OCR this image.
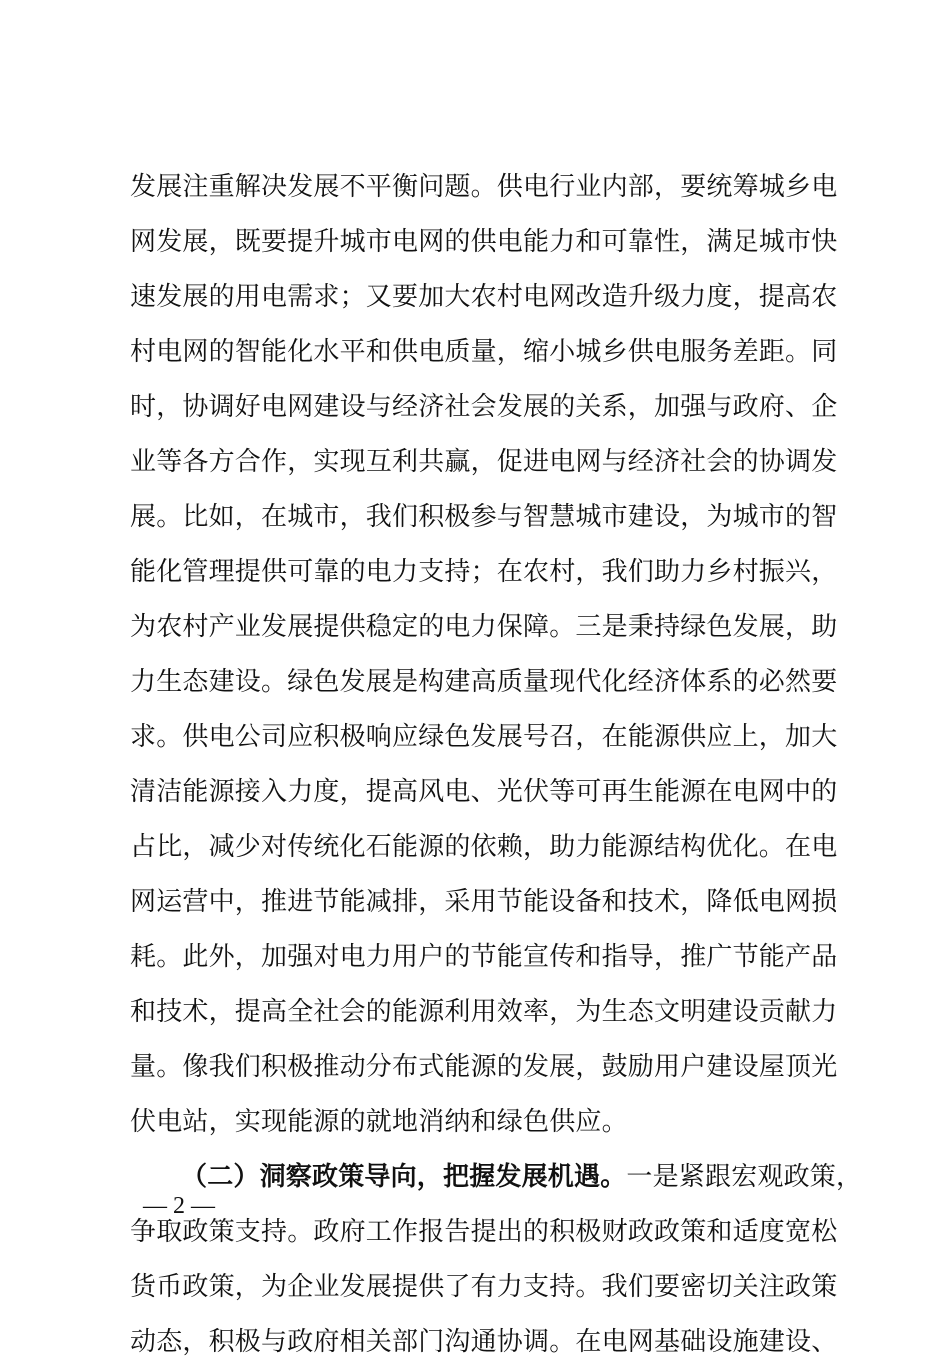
发展注重解决发展不平衡问题。供电行业内部，要统筹城乡电
网发展，既要提升城市电网的供电能力和可靠性，满足城市快
速发展的用电需求；又要加大农村电网改造升级力度，提高农
村电网的智能化水平和供电质量，缩小城乡供电服务差距。同
时，协调好电网建设与经济社会发展的关系，加强与政府、企
业等各方合作，实现互利共赢，促进电网与经济社会的协调发
展。比如，在城市，我们积极参与智慧城市建设，为城市的智
能化管理提供可靠的电力支持；在农村，我们助力乡村振兴，
为农村产业发展提供稳定的电力保障。三是秉持绿色发展，助
力生态建设。绿色发展是构建高质量现代化经济体系的必然要
求。供电公司应积极响应绿色发展号召，在能源供应上，加大
清洁能源接入力度，提高风电、光伏等可再生能源在电网中的
占比，减少对传统化石能源的依赖，助力能源结构优化。在电
网运营中，推进节能减排，采用节能设备和技术，降低电网损
耗。此外，加强对电力用户的节能宣传和指导，推广节能产品
和技术，提高全社会的能源利用效率，为生态文明建设贡献力
量。像我们积极推动分布式能源的发展，鼓励用户建设屋顶光
伏电站，实现能源的就地消纳和绿色供应。
（二）洞察政策导向，把握发展机遇。一是紧跟宏观政策，
争取政策支持。政府工作报告提出的积极财政政策和适度宽松
货币政策，为企业发展提供了有力支持。我们要密切关注政策
动态，积极与政府相关部门沟通协调。在电网基础设施建设、
— 2 —
